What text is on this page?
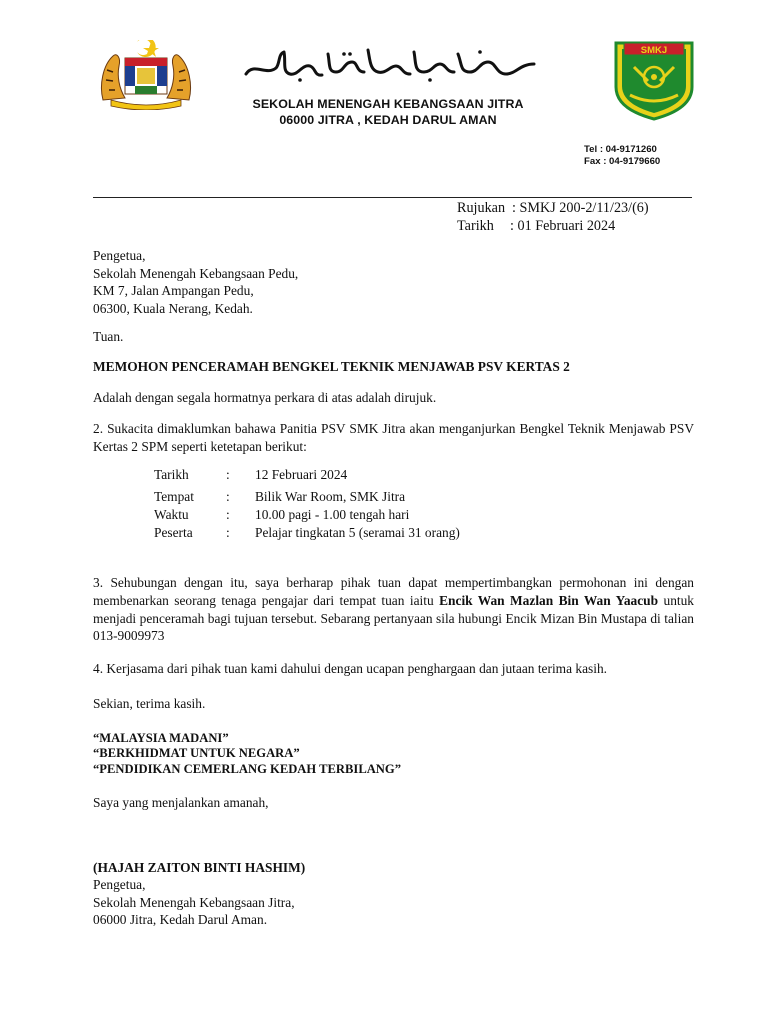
SEKOLAH MENENGAH KEBANGSAAN JITRA
06000 JITRA , KEDAH DARUL AMAN
SMKJ
Tel : 04-9171260
Fax : 04-9179660
Rujukan : SMKJ 200-2/11/23/(6)
Tarikh : 01 Februari 2024
Pengetua,
Sekolah Menengah Kebangsaan Pedu,
KM 7, Jalan Ampangan Pedu,
06300, Kuala Nerang, Kedah.
Tuan.
MEMOHON PENCERAMAH BENGKEL TEKNIK MENJAWAB PSV KERTAS 2
Adalah dengan segala hormatnya perkara di atas adalah dirujuk.
2. Sukacita dimaklumkan bahawa Panitia PSV SMK Jitra akan menganjurkan Bengkel Teknik Menjawab PSV Kertas 2 SPM seperti ketetapan berikut:
Tarikh	: 12 Februari 2024
Tempat : Bilik War Room, SMK Jitra
Waktu	: 10.00 pagi - 1.00 tengah hari
Peserta : Pelajar tingkatan 5 (seramai 31 orang)
3. Sehubungan dengan itu, saya berharap pihak tuan dapat mempertimbangkan permohonan ini dengan membenarkan seorang tenaga pengajar dari tempat tuan iaitu Encik Wan Mazlan Bin Wan Yaacub untuk menjadi penceramah bagi tujuan tersebut. Sebarang pertanyaan sila hubungi Encik Mizan Bin Mustapa di talian 013-9009973
4. Kerjasama dari pihak tuan kami dahului dengan ucapan penghargaan dan jutaan terima kasih.
Sekian, terima kasih.
“MALAYSIA MADANI”
“BERKHIDMAT UNTUK NEGARA”
“PENDIDIKAN CEMERLANG KEDAH TERBILANG”
Saya yang menjalankan amanah,
(HAJAH ZAITON BINTI HASHIM)
Pengetua,
Sekolah Menengah Kebangsaan Jitra,
06000 Jitra, Kedah Darul Aman.
